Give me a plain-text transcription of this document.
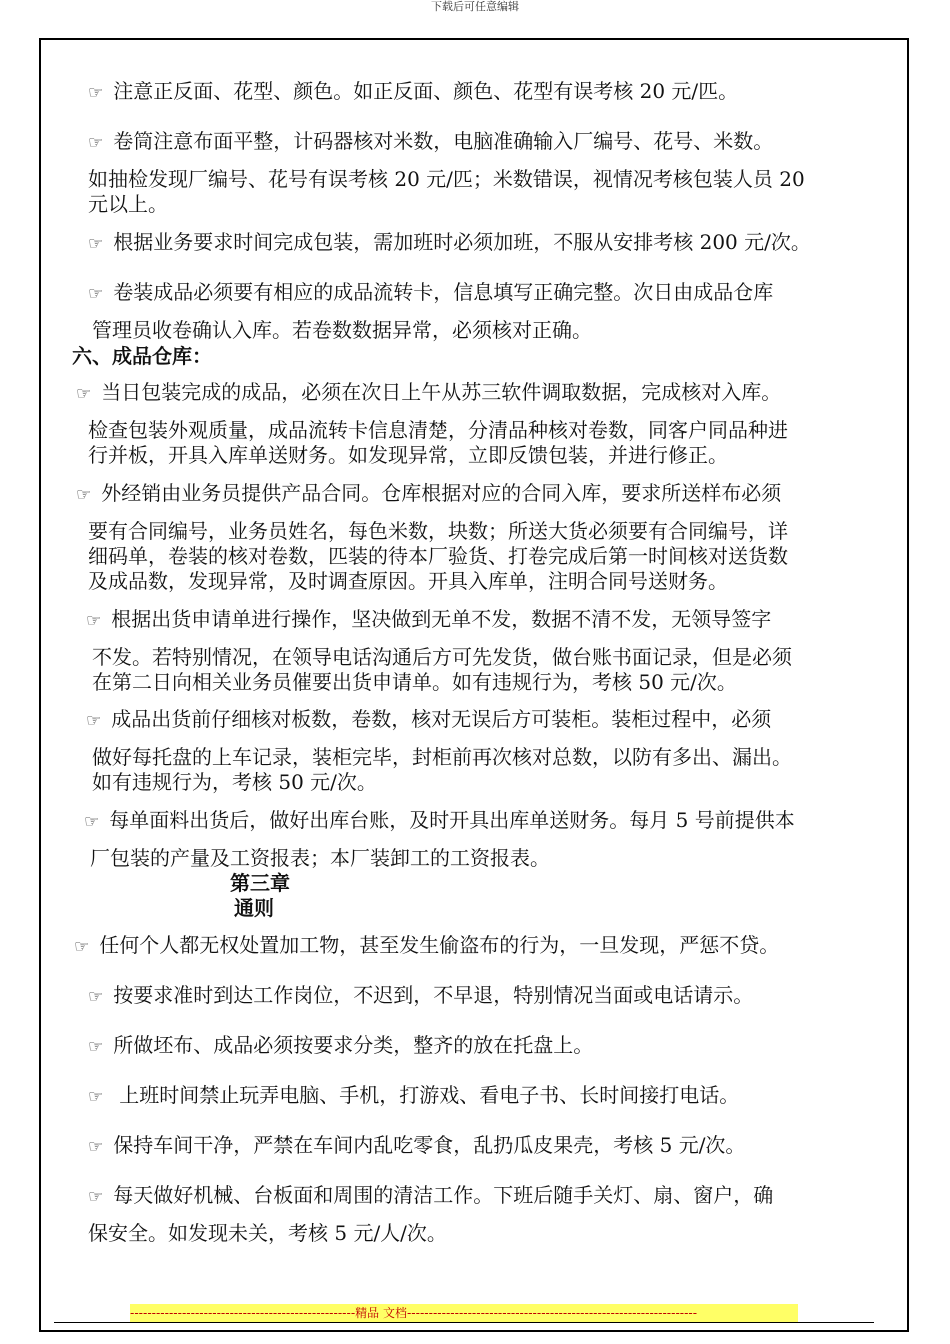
下载后可任意编辑
☞ 注意正反面、花型、颜色。如正反面、颜色、花型有误考核 20 元/匹。
☞ 卷筒注意布面平整，计码器核对米数，电脑准确输入厂编号、花号、米数。
如抽检发现厂编号、花号有误考核 20 元/匹；米数错误，视情况考核包装人员 20
元以上。
☞ 根据业务要求时间完成包装，需加班时必须加班，不服从安排考核 200 元/次。
☞ 卷装成品必须要有相应的成品流转卡，信息填写正确完整。次日由成品仓库
管理员收卷确认入库。若卷数数据异常，必须核对正确。
六、成品仓库：
☞ 当日包装完成的成品，必须在次日上午从苏三软件调取数据，完成核对入库。
检查包装外观质量，成品流转卡信息清楚，分清品种核对卷数，同客户同品种进
行并板，开具入库单送财务。如发现异常，立即反馈包装，并进行修正。
☞ 外经销由业务员提供产品合同。仓库根据对应的合同入库，要求所送样布必须
要有合同编号，业务员姓名，每色米数，块数；所送大货必须要有合同编号，详
细码单，卷装的核对卷数，匹装的待本厂验货、打卷完成后第一时间核对送货数
及成品数，发现异常，及时调查原因。开具入库单，注明合同号送财务。
☞ 根据出货申请单进行操作，坚决做到无单不发，数据不清不发，无领导签字
不发。若特别情况，在领导电话沟通后方可先发货，做台账书面记录，但是必须
在第二日向相关业务员催要出货申请单。如有违规行为，考核 50 元/次。
☞ 成品出货前仔细核对板数，卷数，核对无误后方可装柜。装柜过程中，必须
做好每托盘的上车记录，装柜完毕，封柜前再次核对总数，以防有多出、漏出。
如有违规行为，考核 50 元/次。
☞ 每单面料出货后，做好出库台账，及时开具出库单送财务。每月 5 号前提供本
厂包装的产量及工资报表；本厂装卸工的工资报表。
第三章
通则
☞ 任何个人都无权处置加工物，甚至发生偷盗布的行为，一旦发现，严惩不贷。
☞ 按要求准时到达工作岗位，不迟到，不早退，特别情况当面或电话请示。
☞ 所做坯布、成品必须按要求分类，整齐的放在托盘上。
☞ 上班时间禁止玩弄电脑、手机，打游戏、看电子书、长时间接打电话。
☞ 保持车间干净，严禁在车间内乱吃零食，乱扔瓜皮果壳，考核 5 元/次。
☞ 每天做好机械、台板面和周围的清洁工作。下班后随手关灯、扇、窗户，确
保安全。如发现未关，考核 5 元/人/次。
----------------------------------------------------精品 文档-------------------------------------------------------------------
